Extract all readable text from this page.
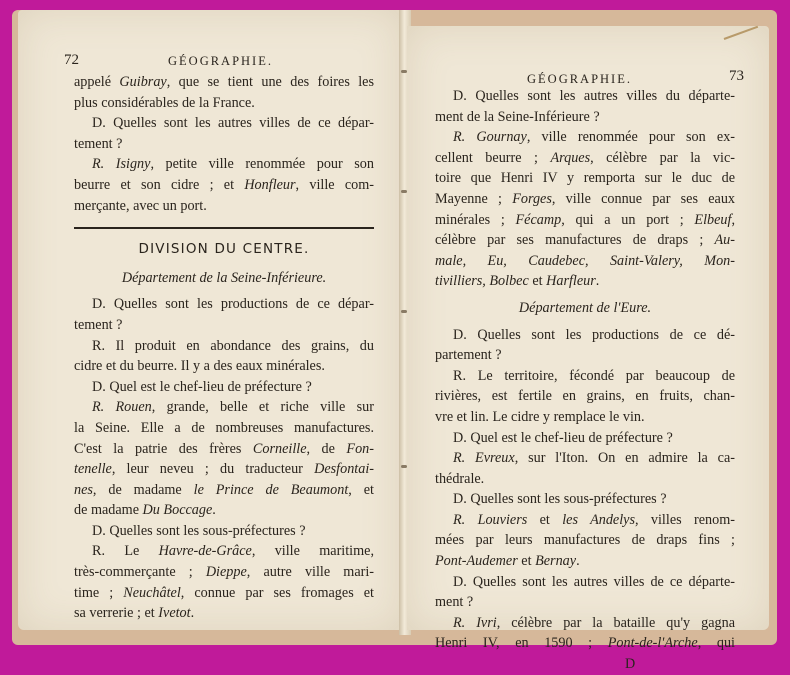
72	GÉOGRAPHIE.

appelé Guibray, que se tient une des foires les

plus considérables de la France.

D. Quelles sont les autres villes de ce dépar-

tement ?

R. Isigny, petite ville renommée pour son

beurre et son cidre ; et Honfleur, ville com-

merçante, avec un port.

DIVISION DU CENTRE.

Département de la Seine-Inférieure.

D. Quelles sont les productions de ce dépar-

tement ?

R. Il produit en abondance des grains, du

cidre et du beurre. Il y a des eaux minérales.

D. Quel est le chef-lieu de préfecture ?

R. Rouen, grande, belle et riche ville sur

la Seine. Elle a de nombreuses manufactures.

C'est la patrie des frères Corneille, de Fon-

tenelle, leur neveu ; du traducteur Desfontai-

nes, de madame le Prince de Beaumont, et

de madame Du Boccage.

D. Quelles sont les sous-préfectures ?

R. Le Havre-de-Grâce, ville maritime,

très-commerçante ; Dieppe, autre ville mari-

time ; Neuchâtel, connue par ses fromages et

sa verrerie ; et Ivetot.

GÉOGRAPHIE.	73

D. Quelles sont les autres villes du départe-

ment de la Seine-Inférieure ?

R. Gournay, ville renommée pour son ex-

cellent beurre ; Arques, célèbre par la vic-

toire que Henri IV y remporta sur le duc de

Mayenne ; Forges, ville connue par ses eaux

minérales ; Fécamp, qui a un port ; Elbeuf,

célèbre par ses manufactures de draps ; Au-

male, Eu, Caudebec, Saint-Valery, Mon-

tivilliers, Bolbec et Harfleur.

Département de l'Eure.

D. Quelles sont les productions de ce dé-

partement ?

R. Le territoire, fécondé par beaucoup de

rivières, est fertile en grains, en fruits, chan-

vre et lin. Le cidre y remplace le vin.

D. Quel est le chef-lieu de préfecture ?

R. Evreux, sur l'Iton. On en admire la ca-

thédrale.

D. Quelles sont les sous-préfectures ?

R. Louviers et les Andelys, villes renom-

mées par leurs manufactures de draps fins ;

Pont-Audemer et Bernay.

D. Quelles sont les autres villes de ce départe-

ment ?

R. Ivri, célèbre par la bataille qu'y gagna

Henri IV, en 1590 ; Pont-de-l'Arche, qui

D
